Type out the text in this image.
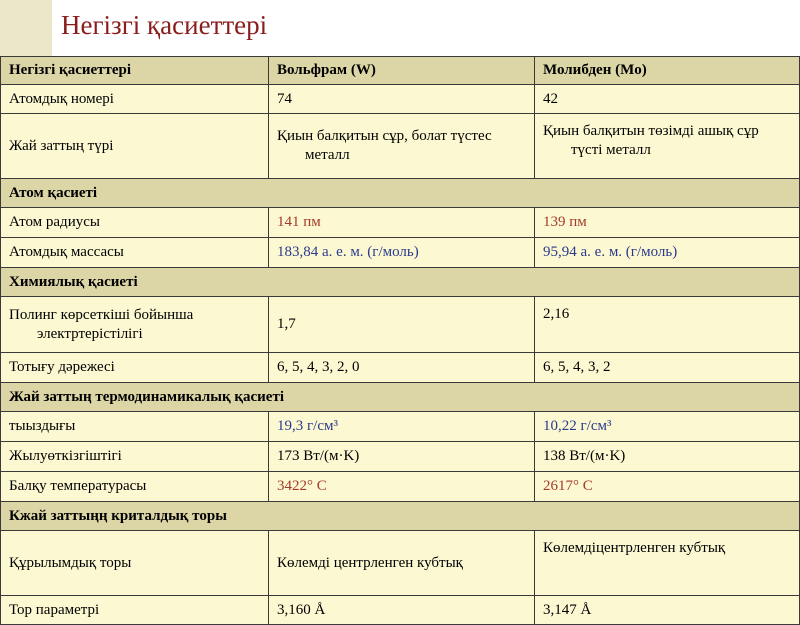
Негізгі қасиеттері
Негізгі қасиеттері	Вольфрам (W)	Молибден (Mo)
Атомдық номері	74	42
Жай заттың түрі	Қиын балқитын сұр, болат түстес металл	Қиын балқитын төзімді ашық сұр түсті металл

Атом қасиеті		
Атом радиусы	141 пм	139 пм
Атомдық массасы	183,84 а. е. м. (г/моль)	95,94 а. е. м. (г/моль)
Химиялық қасиеті		

Полинг көрсеткіші бойынша электртерістілігі	1,7	2,16
Тотығу дәрежесі	6, 5, 4, 3, 2, 0	6, 5, 4, 3, 2
Жай заттың термодинамикалық қасиеті		
тыыздығы	19,3 г/см³	10,22 г/см³
Жылуөткізгіштігі	173 Вт/(м·K)	138 Вт/(м·K)
Балқу температурасы	3422° С	2617° С
Кжай заттыңң криталдық торы		
Құрылымдық торы	Көлемді центрленген кубтық	Көлемдіцентрленген кубтық
Тор параметрі	3,160 Å	3,147 Å
